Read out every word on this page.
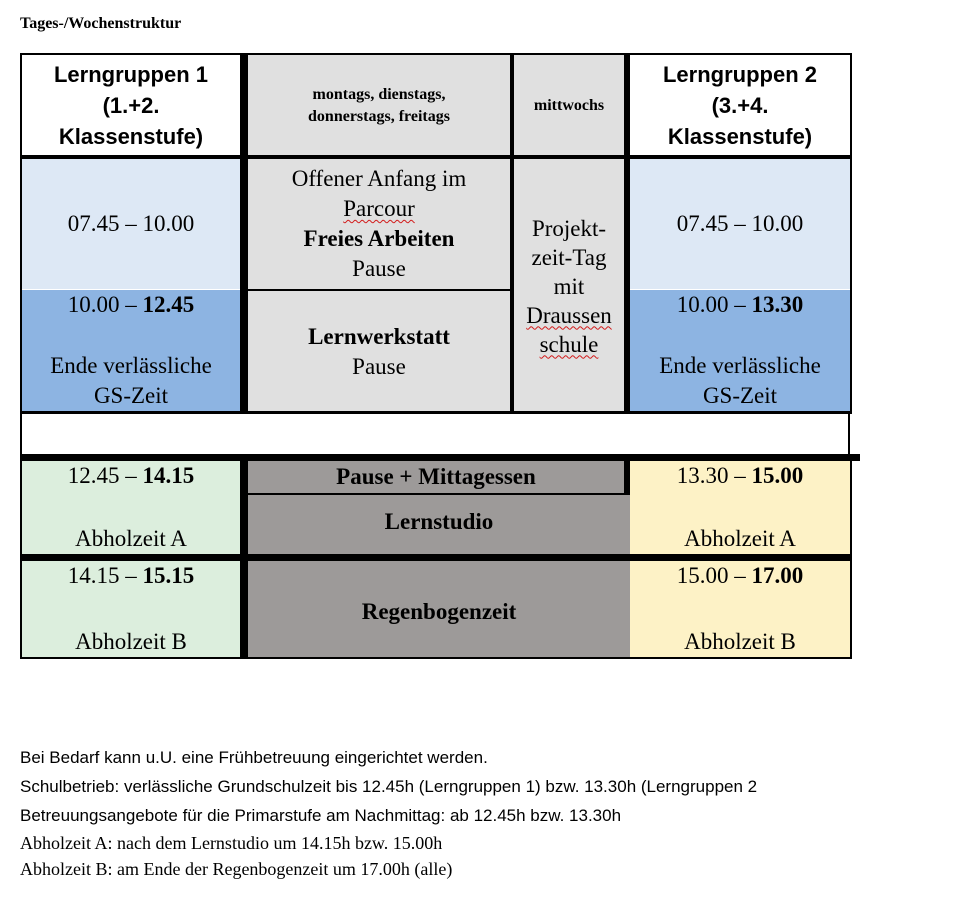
Tages-/Wochenstruktur
Lerngruppen 1
(1.+2.
Klassenstufe)
montags, dienstags,
donnerstags, freitags
mittwochs
Lerngruppen 2
(3.+4.
Klassenstufe)
07.45 – 10.00
Offener Anfang im
Parcour
Freies Arbeiten
Pause
07.45 – 10.00
Projekt-
zeit-Tag
mit
Draussen
schule
10.00 – 12.45
Ende verlässliche
GS-Zeit
Lernwerkstatt
Pause
10.00 – 13.30
Ende verlässliche
GS-Zeit
12.45 – 14.15
Abholzeit A
Pause + Mittagessen
Lernstudio
13.30 – 15.00
Abholzeit A
14.15 – 15.15
Abholzeit B
Regenbogenzeit
15.00 – 17.00
Abholzeit B
Bei Bedarf kann u.U. eine Frühbetreuung eingerichtet werden.
Schulbetrieb: verlässliche Grundschulzeit bis 12.45h (Lerngruppen 1) bzw. 13.30h (Lerngruppen 2
Betreuungsangebote für die Primarstufe am Nachmittag: ab 12.45h bzw. 13.30h
Abholzeit A: nach dem Lernstudio um 14.15h bzw. 15.00h
Abholzeit B: am Ende der Regenbogenzeit um 17.00h (alle)
